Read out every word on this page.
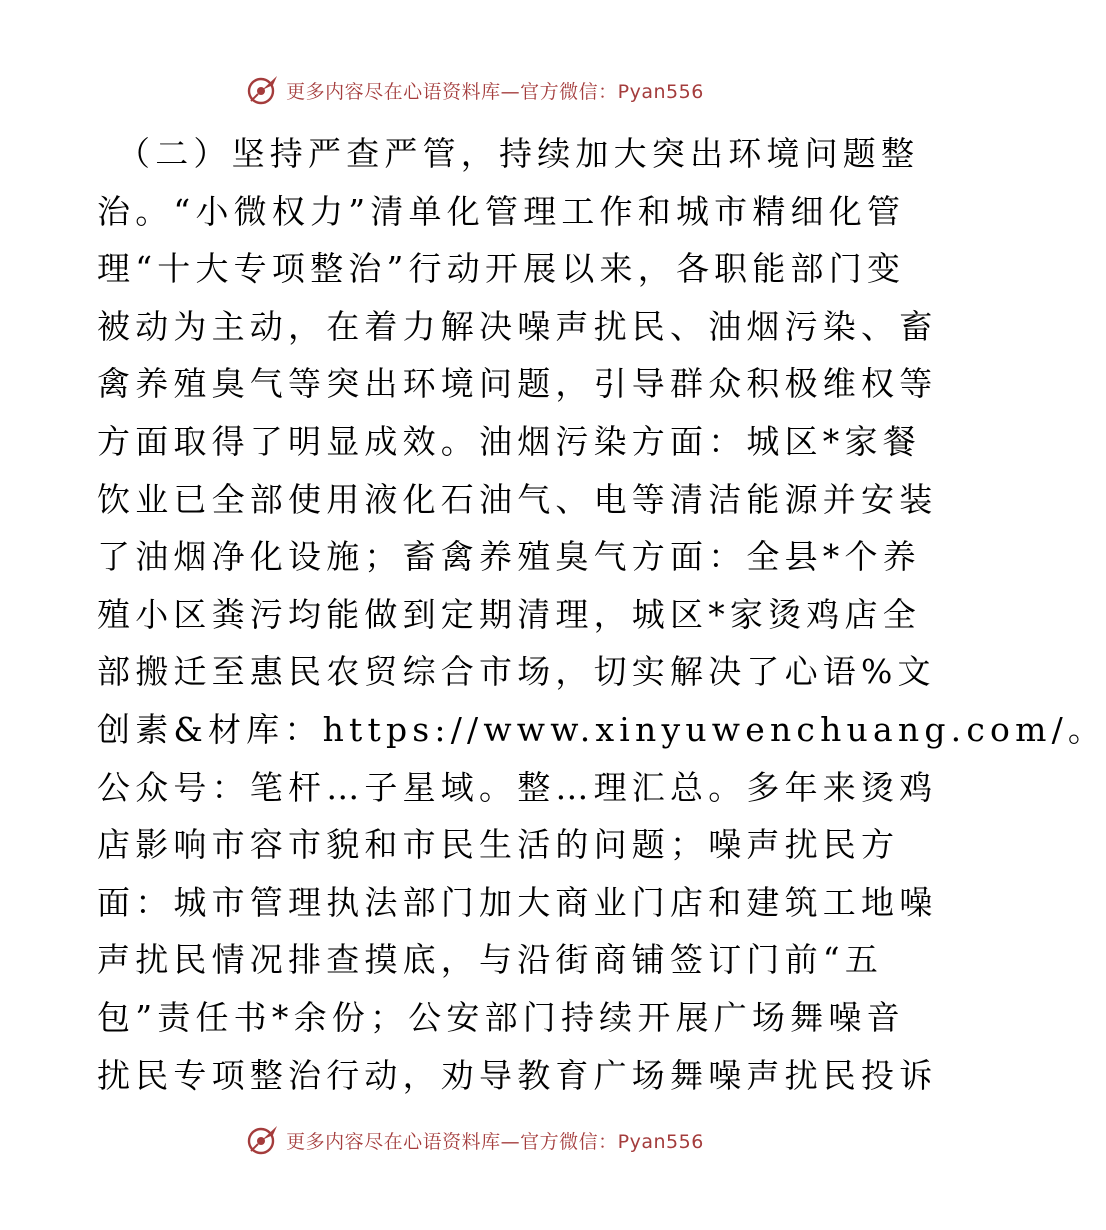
更多内容尽在心语资料库—官方微信：Pyan556
（二）坚持严查严管，持续加大突出环境问题整
治。“小微权力”清单化管理工作和城市精细化管
理“十大专项整治”行动开展以来，各职能部门变
被动为主动，在着力解决噪声扰民、油烟污染、畜
禽养殖臭气等突出环境问题，引导群众积极维权等
方面取得了明显成效。油烟污染方面：城区*家餐
饮业已全部使用液化石油气、电等清洁能源并安装
了油烟净化设施；畜禽养殖臭气方面：全县*个养
殖小区粪污均能做到定期清理，城区*家烫鸡店全
部搬迁至惠民农贸综合市场，切实解决了心语%文
创素&材库：https://www.xinyuwenchuang.com/。
公众号：笔杆…子星域。整…理汇总。多年来烫鸡
店影响市容市貌和市民生活的问题；噪声扰民方
面：城市管理执法部门加大商业门店和建筑工地噪
声扰民情况排查摸底，与沿街商铺签订门前“五
包”责任书*余份；公安部门持续开展广场舞噪音
扰民专项整治行动，劝导教育广场舞噪声扰民投诉
更多内容尽在心语资料库—官方微信：Pyan556
